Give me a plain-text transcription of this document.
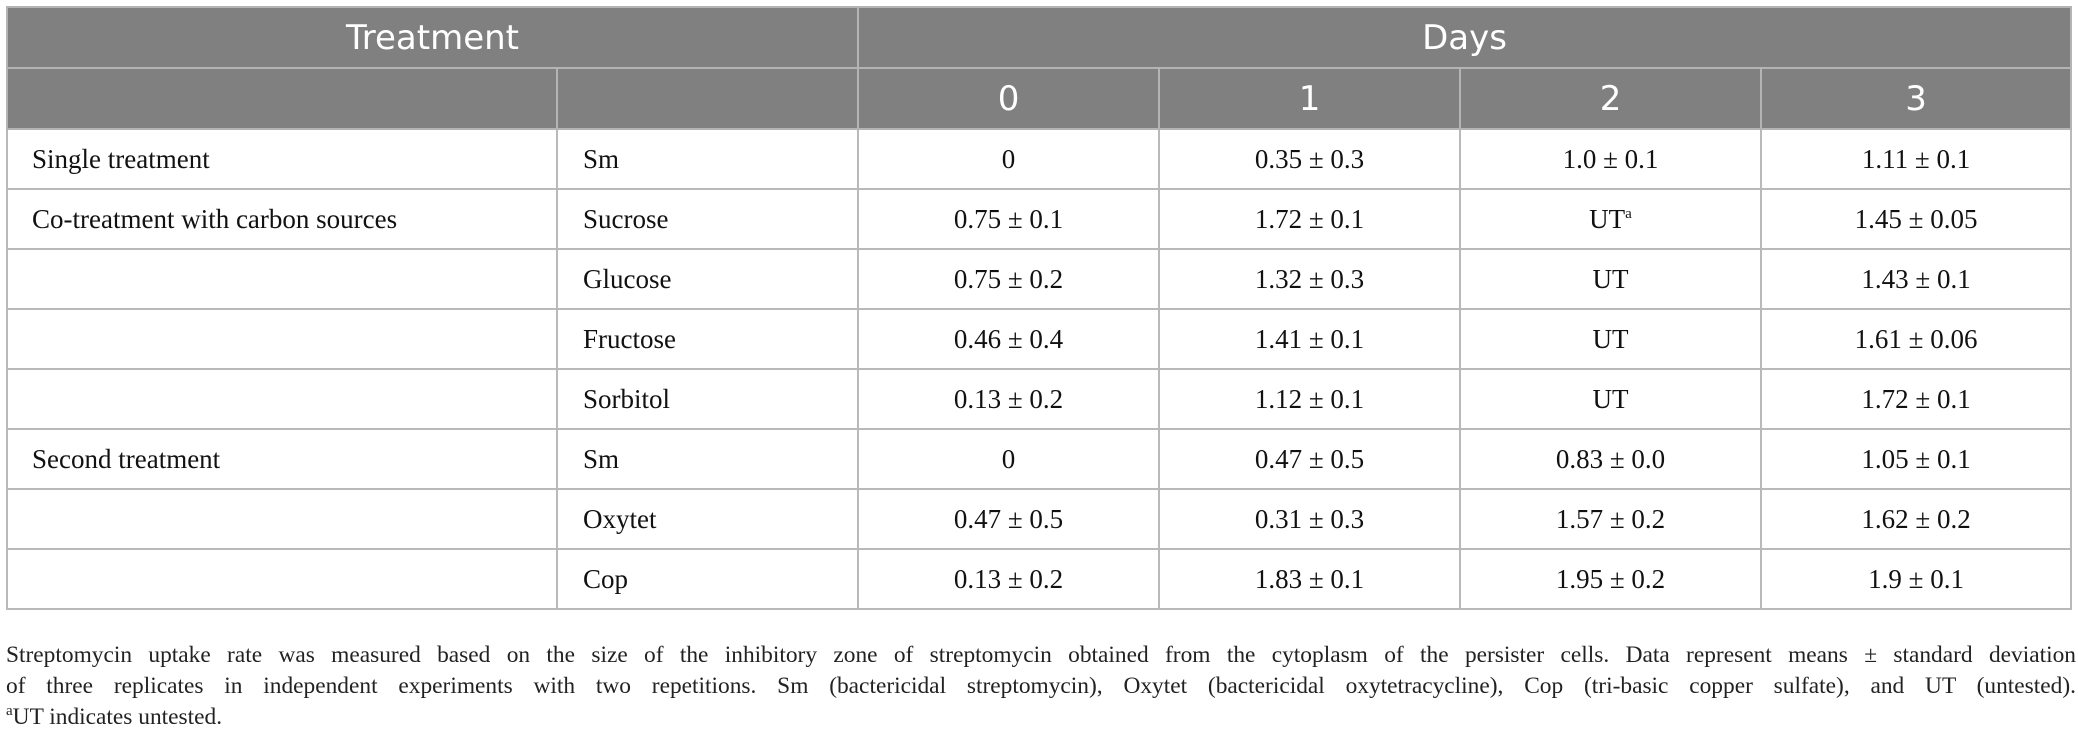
Treatment		Days			
		0	1	2	3
Single treatment	Sm	0	0.35 ± 0.3	1.0 ± 0.1	1.11 ± 0.1
Co-treatment with carbon sources	Sucrose	0.75 ± 0.1	1.72 ± 0.1	$UT^a$	1.45 ± 0.05
	Glucose	0.75 ± 0.2	1.32 ± 0.3	UT	1.43 ± 0.1
	Fructose	0.46 ± 0.4	1.41 ± 0.1	UT	1.61 ± 0.06
	Sorbitol	0.13 ± 0.2	1.12 ± 0.1	UT	1.72 ± 0.1
Second treatment	Sm	0	0.47 ± 0.5	0.83 ± 0.0	1.05 ± 0.1
	Oxytet	0.47 ± 0.5	0.31 ± 0.3	1.57 ± 0.2	1.62 ± 0.2
	Cop	0.13 ± 0.2	1.83 ± 0.1	1.95 ± 0.2	1.9 ± 0.1

Streptomycin uptake rate was measured based on the size of the inhibitory zone of streptomycin obtained from the cytoplasm of the persister cells. Data represent means ± standard deviation

of three replicates in independent experiments with two repetitions. Sm (bactericidal streptomycin), Oxytet (bactericidal oxytetracycline), Cop (tri-basic copper sulfate), and UT (untested).

$^a$UT indicates untested.
